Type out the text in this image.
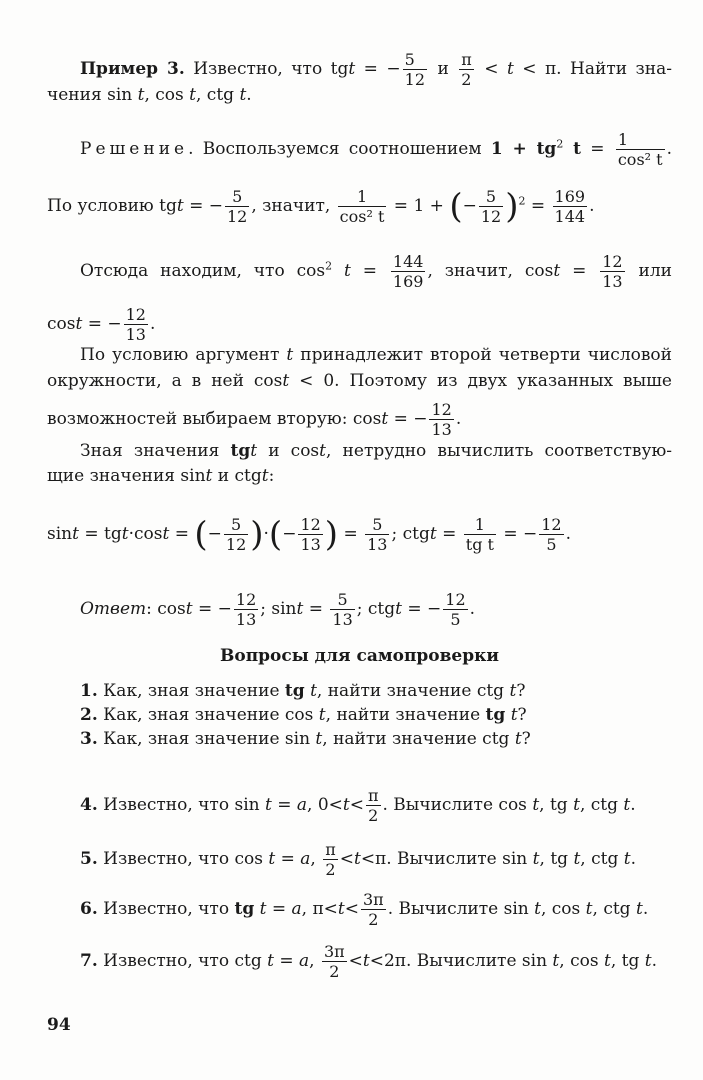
Пример 3. Известно, что tgt = − $\frac{5}{12}$ и $\frac{\pi}{2} < t < \pi$. Найти зна-
чения sin t, cos t, ctg t.
Решение. Воспользуемся соотношением $1 + tg^2$ $t = \frac{1}{\text{cos² t}}$ .
По условию tgt = − $\frac{5}{12}$ , значит, $\frac{1}{\text{cos² t}} = 1$ + (− $\frac{5}{12} )^2 = \frac{169}{144}$ .
Отсюда находим, что $\cos^2 t = \frac{144}{169}$ , значит, $\cos t = \frac{12}{13}$ или
cost = − $\frac{12}{13}$ .
По условию аргумент t принадлежит второй четверти числовой
окружности, а в ней cost < 0. Поэтому из двух указанных выше
возможностей выбираем вторую: cost = − $\frac{12}{13}$ .
Зная значения tgt и cost, нетрудно вычислить соответствую-
щие значения sint и ctgt:
sint = tgt·cost = (− $\frac{5}{12}$ )·(− $\frac{12}{13}$ ) = $\frac{5}{13}$ ; ctgt = $\frac{1}{\text{tg t}}$ = − $\frac{12}{5}$ .
Ответ: cost = − $\frac{12}{13}$ ; $\sin t = \frac{5}{13}$ ; ctgt = − $\frac{12}{5}$ .
Вопросы для самопроверки
1. Как, зная значение tg t, найти значение ctg t?
2. Как, зная значение cos t, найти значение tg t?
3. Как, зная значение sin t, найти значение ctg t?
4. Известно, что sin t = a, $0<t< \frac{\pi}{2}$ . Вычислите cos t, tg t, ctg t.
5. Известно, что cos t = a, $\frac{\pi}{2} <t<\pi$. Вычислите sin t, tg t, ctg t.
6. Известно, что tg t = a, $\pi<t< \frac{3\pi}{2}$ . Вычислите sin t, cos t, ctg t.
7. Известно, что ctg t = a, $\frac{3\pi}{2} <t<2\pi$. Вычислите sin t, cos t, tg t.
94
